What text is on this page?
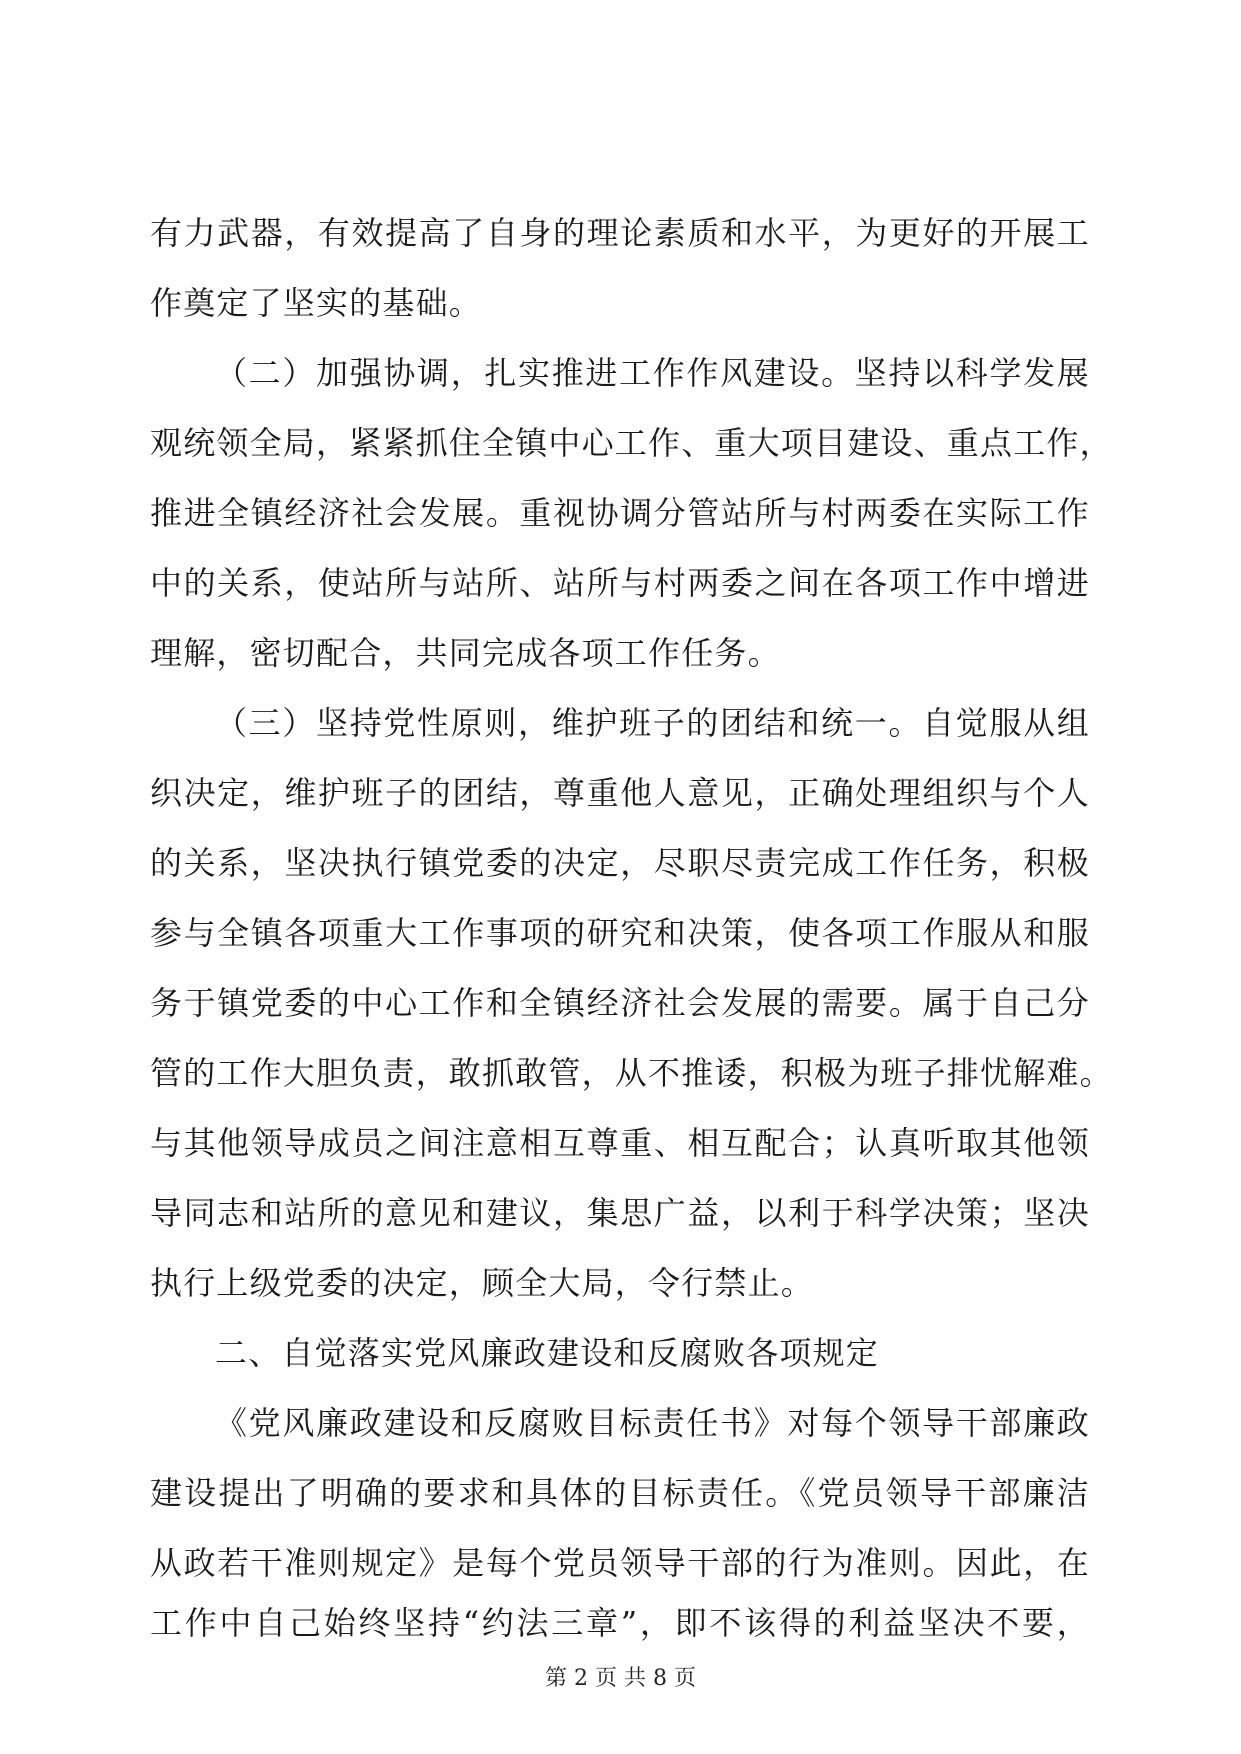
有力武器，有效提高了自身的理论素质和水平，为更好的开展工
作奠定了坚实的基础。
（二）加强协调，扎实推进工作作风建设。坚持以科学发展
观统领全局，紧紧抓住全镇中心工作、重大项目建设、重点工作，
推进全镇经济社会发展。重视协调分管站所与村两委在实际工作
中的关系，使站所与站所、站所与村两委之间在各项工作中增进
理解，密切配合，共同完成各项工作任务。
（三）坚持党性原则，维护班子的团结和统一。自觉服从组
织决定，维护班子的团结，尊重他人意见，正确处理组织与个人
的关系，坚决执行镇党委的决定，尽职尽责完成工作任务，积极
参与全镇各项重大工作事项的研究和决策，使各项工作服从和服
务于镇党委的中心工作和全镇经济社会发展的需要。属于自己分
管的工作大胆负责，敢抓敢管，从不推诿，积极为班子排忧解难。
与其他领导成员之间注意相互尊重、相互配合；认真听取其他领
导同志和站所的意见和建议，集思广益，以利于科学决策；坚决
执行上级党委的决定，顾全大局，令行禁止。
二、自觉落实党风廉政建设和反腐败各项规定
《党风廉政建设和反腐败目标责任书》对每个领导干部廉政
建设提出了明确的要求和具体的目标责任。《党员领导干部廉洁
从政若干准则规定》是每个党员领导干部的行为准则。因此，在
工作中自己始终坚持“约法三章”，即不该得的利益坚决不要，
第 2 页 共 8 页
